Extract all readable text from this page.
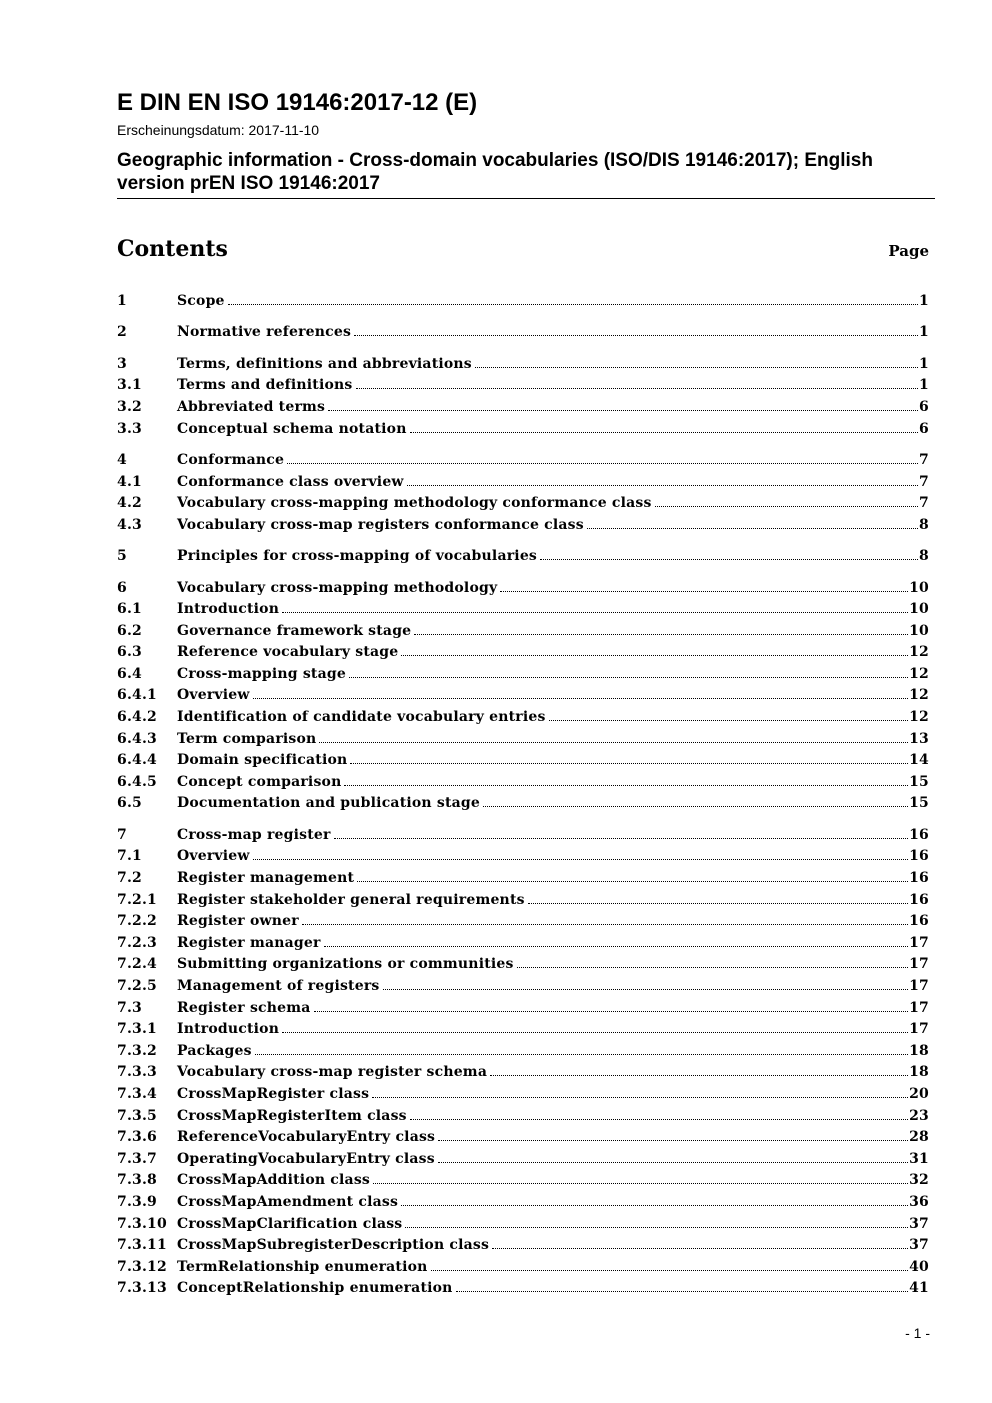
E DIN EN ISO 19146:2017-12 (E)

Erscheinungsdatum: 2017-11-10

Geographic information - Cross-domain vocabularies (ISO/DIS 19146:2017); English version prEN ISO 19146:2017

Contents	Page
1	Scope	1
2	Normative references	1
3	Terms, definitions and abbreviations	1
3.1	Terms and definitions	1
3.2	Abbreviated terms	6
3.3	Conceptual schema notation	6
4	Conformance	7
4.1	Conformance class overview	7
4.2	Vocabulary cross-mapping methodology conformance class	7
4.3	Vocabulary cross-map registers conformance class	8
5	Principles for cross-mapping of vocabularies	8
6	Vocabulary cross-mapping methodology	10
6.1	Introduction	10
6.2	Governance framework stage	10
6.3	Reference vocabulary stage	12
6.4	Cross-mapping stage	12
6.4.1	Overview	12
6.4.2	Identification of candidate vocabulary entries	12
6.4.3	Term comparison	13
6.4.4	Domain specification	14
6.4.5	Concept comparison	15
6.5	Documentation and publication stage	15
7	Cross-map register	16
7.1	Overview	16
7.2	Register management	16
7.2.1	Register stakeholder general requirements	16
7.2.2	Register owner	16
7.2.3	Register manager	17
7.2.4	Submitting organizations or communities	17
7.2.5	Management of registers	17
7.3	Register schema	17
7.3.1	Introduction	17
7.3.2	Packages	18
7.3.3	Vocabulary cross-map register schema	18
7.3.4	CrossMapRegister class	20
7.3.5	CrossMapRegisterItem class	23
7.3.6	ReferenceVocabularyEntry class	28
7.3.7	OperatingVocabularyEntry class	31
7.3.8	CrossMapAddition class	32
7.3.9	CrossMapAmendment class	36
7.3.10 CrossMapClarification class	37
7.3.11 CrossMapSubregisterDescription class	37
7.3.12 TermRelationship enumeration	40
7.3.13 ConceptRelationship enumeration	41
- 1 -
